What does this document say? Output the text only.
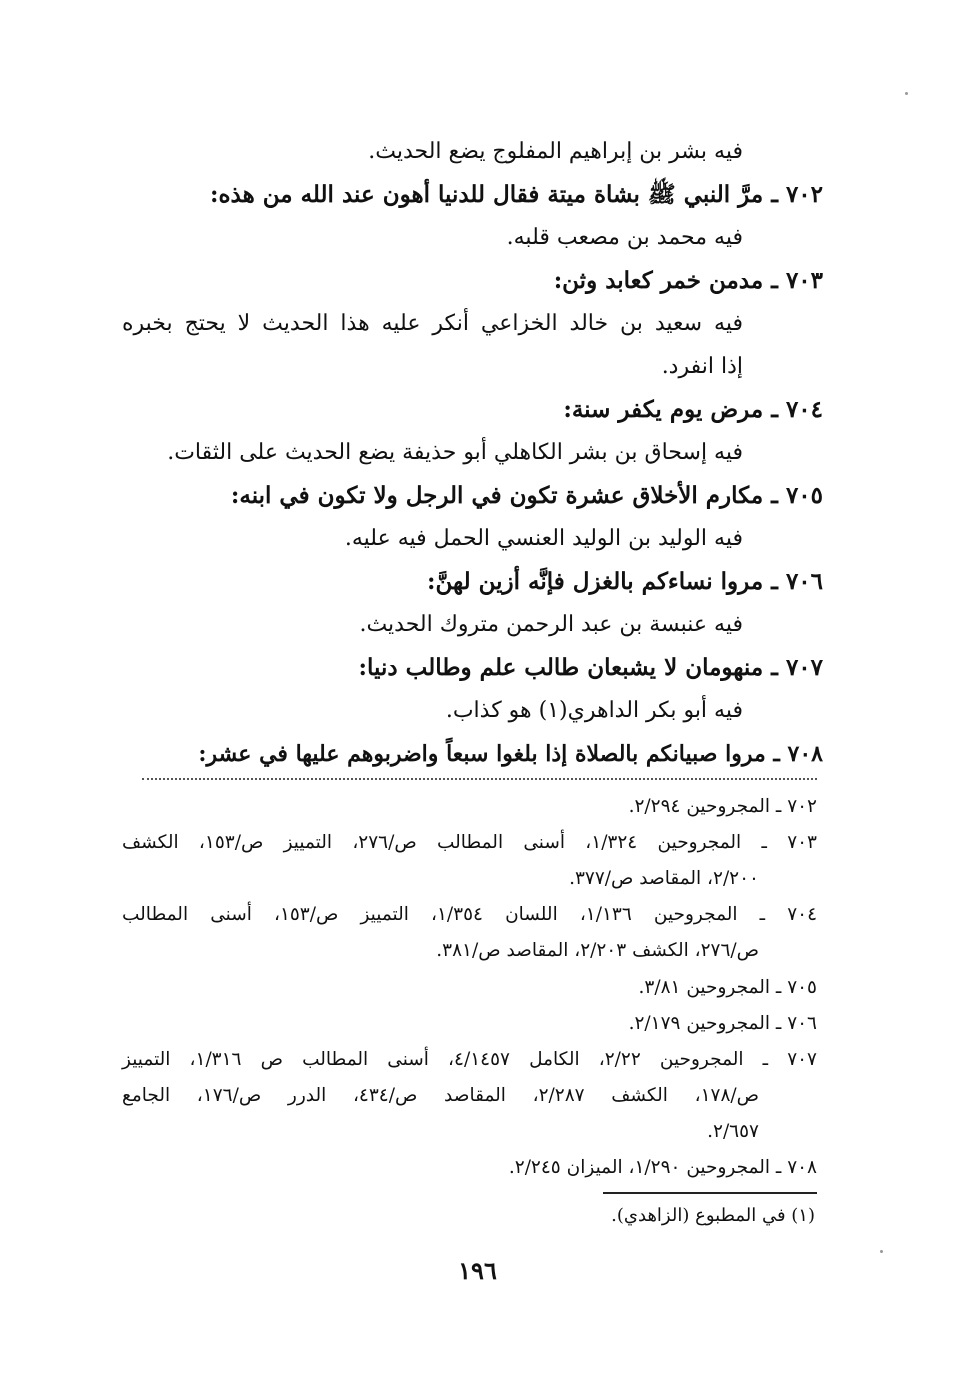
فيه بشر بن إبراهيم المفلوج يضع الحديث.
٧٠٢ ـ مرَّ النبي ﷺ بشاة ميتة فقال للدنيا أهون عند الله من هذه:
فيه محمد بن مصعب قلبه.
٧٠٣ ـ مدمن خمر كعابد وثن:
فيه سعيد بن خالد الخزاعي أنكر عليه هذا الحديث لا يحتج بخبره
إذا انفرد.
٧٠٤ ـ مرض يوم يكفر سنة:
فيه إسحاق بن بشر الكاهلي أبو حذيفة يضع الحديث على الثقات.
٧٠٥ ـ مكارم الأخلاق عشرة تكون في الرجل ولا تكون في ابنه:
فيه الوليد بن الوليد العنسي الحمل فيه عليه.
٧٠٦ ـ مروا نساءكم بالغزل فإنَّه أزين لهنَّ:
فيه عنبسة بن عبد الرحمن متروك الحديث.
٧٠٧ ـ منهومان لا يشبعان طالب علم وطالب دنيا:
فيه أبو بكر الداهري(١) هو كذاب.
٧٠٨ ـ مروا صبيانكم بالصلاة إذا بلغوا سبعاً واضربوهم عليها في عشر:
٧٠٢ ـ المجروحين ٢/٢٩٤.
٧٠٣ ـ المجروحين ١/٣٢٤، أسنى المطالب ص/٢٧٦، التمييز ص/١٥٣، الكشف
٢/٢٠٠، المقاصد ص/٣٧٧.
٧٠٤ ـ المجروحين ١/١٣٦، اللسان ١/٣٥٤، التمييز ص/١٥٣، أسنى المطالب
ص/٢٧٦، الكشف ٢/٢٠٣، المقاصد ص/٣٨١.
٧٠٥ ـ المجروحين ٣/٨١.
٧٠٦ ـ المجروحين ٢/١٧٩.
٧٠٧ ـ المجروحين ٢/٢٢، الكامل ٤/١٤٥٧، أسنى المطالب ص ١/٣١٦، التمييز
ص/١٧٨، الكشف ٢/٢٨٧، المقاصد ص/٤٣٤، الدرر ص/١٧٦، الجامع
٢/٦٥٧.
٧٠٨ ـ المجروحين ١/٢٩٠، الميزان ٢/٢٤٥.
(١) في المطبوع (الزاهدي).
١٩٦
